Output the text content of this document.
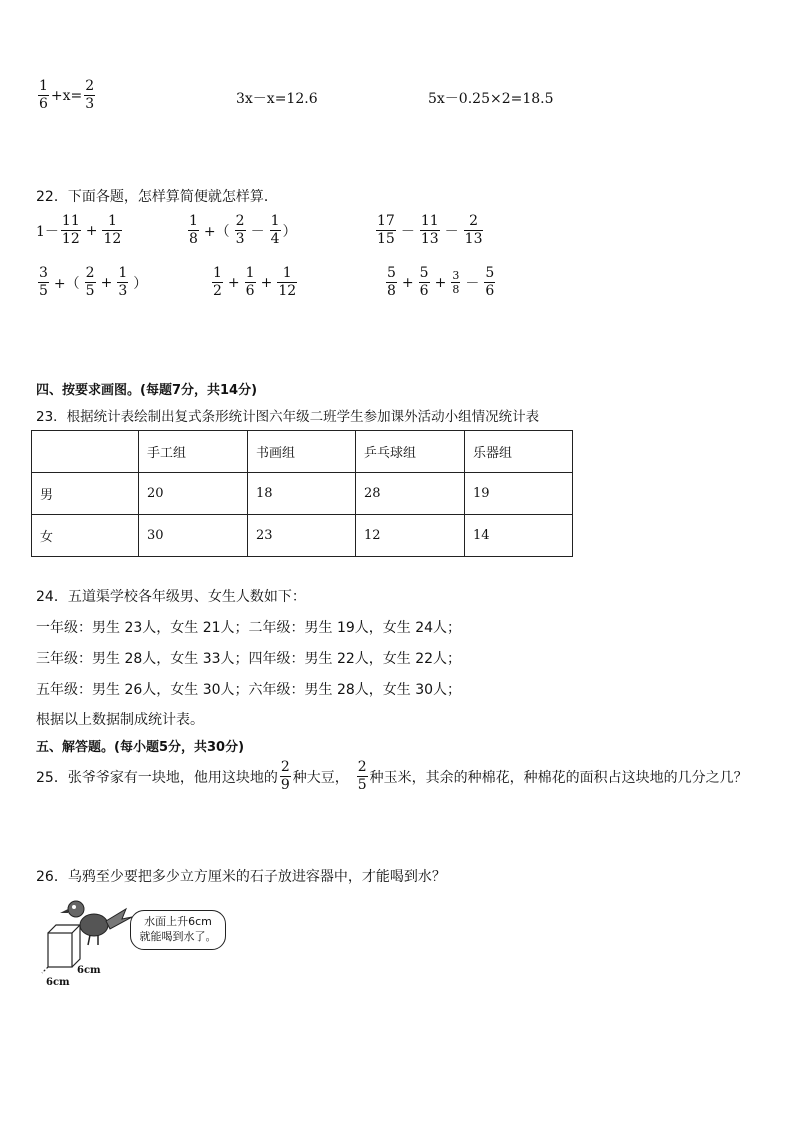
$\frac{1}{6} +x= \frac{2}{3}$	3x－x=12.6	5x－0.25×2=18.5
22．下面各题，怎样算简便就怎样算．
$1- \frac{11}{12} + \frac{1}{12}$	$\frac{1}{8}$ +（ $\frac{2}{3} - \frac{1}{4}$ ）	$\frac{17}{15} - \frac{11}{13} - \frac{2}{13}$
$\frac{3}{5}$ +（ $\frac{2}{5} + \frac{1}{3}$ ）	$\frac{1}{2} + \frac{1}{6} + \frac{1}{12}$	$\frac{5}{8} + \frac{5}{6} + \frac{3}{8} - \frac{5}{6}$
四、按要求画图。(每题7分，共14分)
23．根据统计表绘制出复式条形统计图六年级二班学生参加课外活动小组情况统计表
	手工组	书画组	乒乓球组	乐器组
男	20	18	28	19
女	30	23	12	14
24．五道渠学校各年级男、女生人数如下：
一年级：男生 23人，女生 21人；二年级：男生 19人，女生 24人；
三年级：男生 28人，女生 33人；四年级：男生 22人，女生 22人；
五年级：男生 26人，女生 30人；六年级：男生 28人，女生 30人；
根据以上数据制成统计表。
五、解答题。(每小题5分，共30分)
25．张爷爷家有一块地，他用这块地的 $\frac{2}{9}$ 种大豆， $\frac{2}{5}$ 种玉米，其余的种棉花，种棉花的面积占这块地的几分之几？
26．乌鸦至少要把多少立方厘米的石子放进容器中，才能喝到水？
6cm
6cm
水面上升6cm
就能喝到水了。
